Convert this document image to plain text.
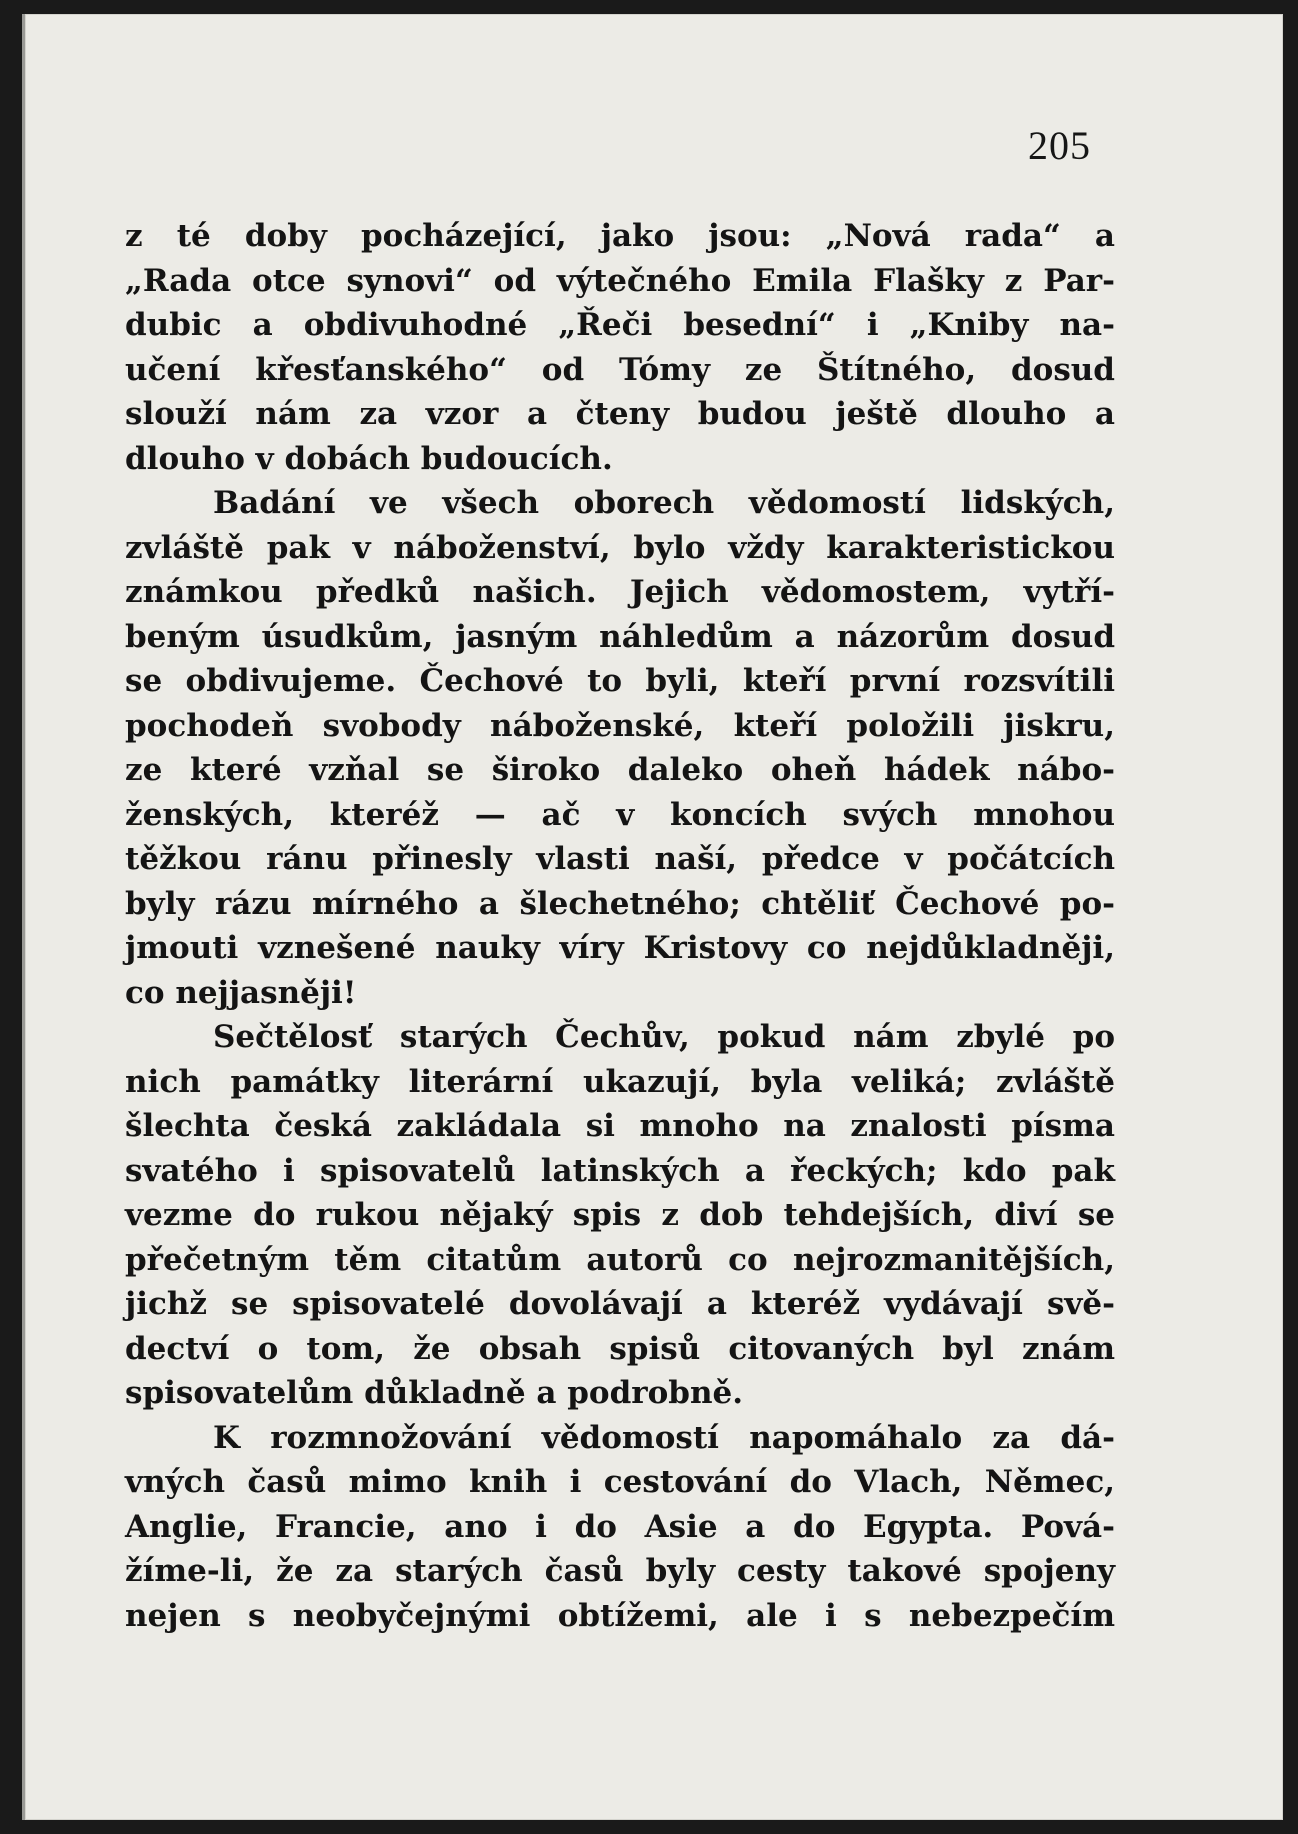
205
z té doby pocházející, jako jsou: „Nová rada“ a
„Rada otce synovi“ od výtečného Emila Flašky z Par-
dubic a obdivuhodné „Řeči besední“ i „Kniby na-
učení křesťanského“ od Tómy ze Štítného, dosud
slouží nám za vzor a čteny budou ještě dlouho a
dlouho v dobách budoucích.
Badání ve všech oborech vědomostí lidských,
zvláště pak v náboženství, bylo vždy karakteristickou
známkou předků našich. Jejich vědomostem, vytří-
beným úsudkům, jasným náhledům a názorům dosud
se obdivujeme. Čechové to byli, kteří první rozsvítili
pochodeň svobody náboženské, kteří položili jiskru,
ze které vzňal se široko daleko oheň hádek nábo-
ženských, kteréž — ač v koncích svých mnohou
těžkou ránu přinesly vlasti naší, předce v počátcích
byly rázu mírného a šlechetného; chtěliť Čechové po-
jmouti vznešené nauky víry Kristovy co nejdůkladněji,
co nejjasněji!
Sečtělosť starých Čechův, pokud nám zbylé po
nich památky literární ukazují, byla veliká; zvláště
šlechta česká zakládala si mnoho na znalosti písma
svatého i spisovatelů latinských a řeckých; kdo pak
vezme do rukou nějaký spis z dob tehdejších, diví se
přečetným těm citatům autorů co nejrozmanitějších,
jichž se spisovatelé dovolávají a kteréž vydávají svě-
dectví o tom, že obsah spisů citovaných byl znám
spisovatelům důkladně a podrobně.
K rozmnožování vědomostí napomáhalo za dá-
vných časů mimo knih i cestování do Vlach, Němec,
Anglie, Francie, ano i do Asie a do Egypta. Pová-
žíme-li, že za starých časů byly cesty takové spojeny
nejen s neobyčejnými obtížemi, ale i s nebezpečím
